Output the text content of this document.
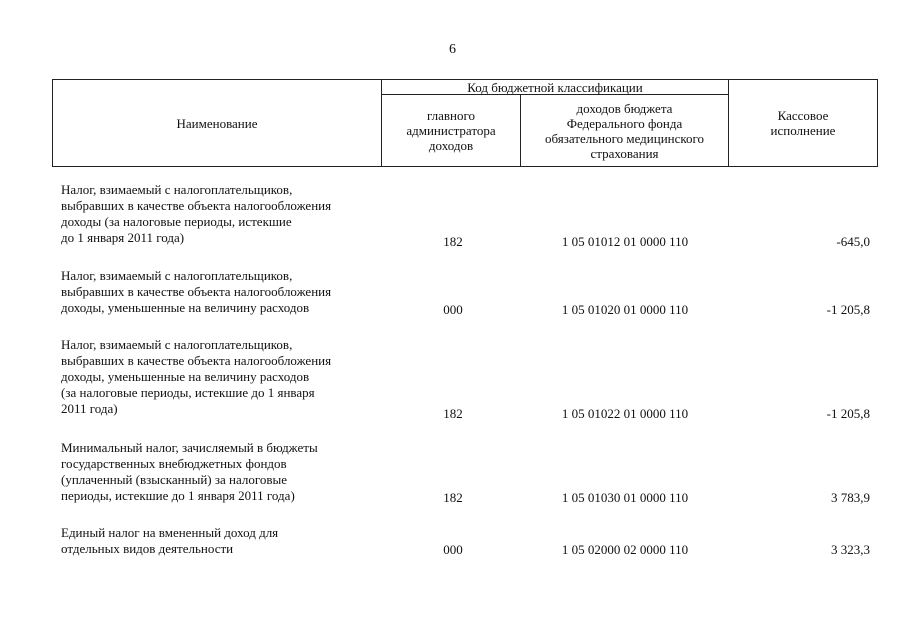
6
Наименование
Код бюджетной классификации
главного
администратора
доходов
доходов бюджета
Федерального фонда
обязательного медицинского
страхования
Кассовое
исполнение
Налог, взимаемый с налогоплательщиков,
выбравших в качестве объекта налогообложения
доходы (за налоговые периоды, истекшие
до 1 января 2011 года)	182	1 05 01012 01 0000 110	-645,0
Налог, взимаемый с налогоплательщиков,
выбравших в качестве объекта налогообложения
доходы, уменьшенные на величину расходов	000	1 05 01020 01 0000 110	-1 205,8
Налог, взимаемый с налогоплательщиков,
выбравших в качестве объекта налогообложения
доходы, уменьшенные на величину расходов
(за налоговые периоды, истекшие до 1 января
2011 года)	182	1 05 01022 01 0000 110	-1 205,8
Минимальный налог, зачисляемый в бюджеты
государственных внебюджетных фондов
(уплаченный (взысканный) за налоговые
периоды, истекшие до 1 января 2011 года)	182	1 05 01030 01 0000 110	3 783,9
Единый налог на вмененный доход для
отдельных видов деятельности	000	1 05 02000 02 0000 110	3 323,3
